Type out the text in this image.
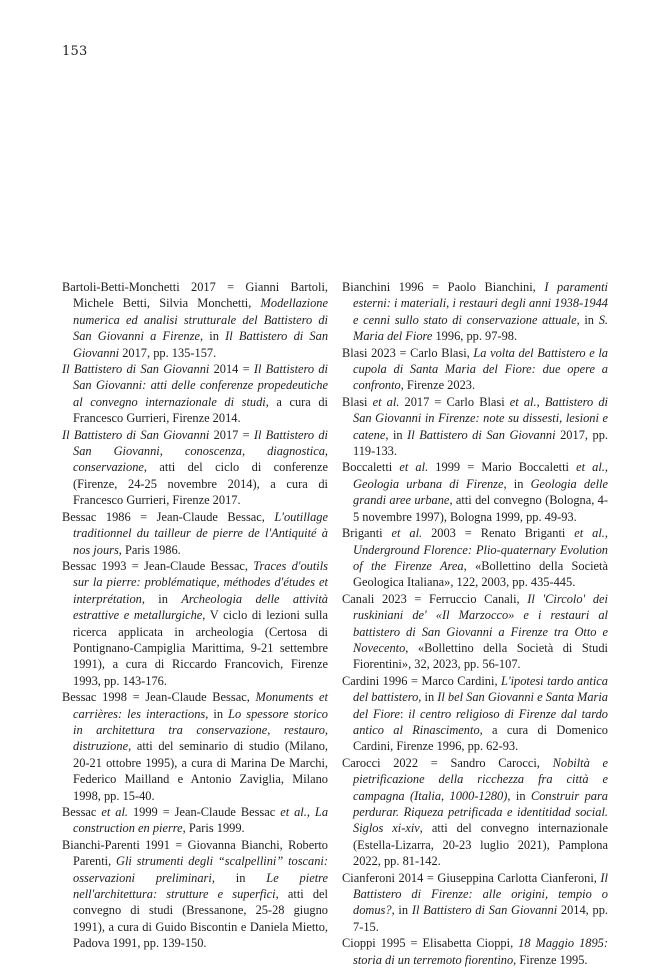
153

Bartoli-Betti-Monchetti 2017 = Gianni Bartoli, Michele Betti, Silvia Monchetti, Modellazione numerica ed analisi strutturale del Battistero di San Giovanni a Firenze, in Il Battistero di San Giovanni 2017, pp. 135-157.

Il Battistero di San Giovanni 2014 = Il Battistero di San Giovanni: atti delle conferenze propedeutiche al convegno internazionale di studi, a cura di Francesco Gurrieri, Firenze 2014.

Il Battistero di San Giovanni 2017 = Il Battistero di San Giovanni, conoscenza, diagnostica, conservazione, atti del ciclo di conferenze (Firenze, 24-25 novembre 2014), a cura di Francesco Gurrieri, Firenze 2017.

Bessac 1986 = Jean-Claude Bessac, L'outillage traditionnel du tailleur de pierre de l'Antiquité à nos jours, Paris 1986.

Bessac 1993 = Jean-Claude Bessac, Traces d'outils sur la pierre: problématique, méthodes d'études et interprétation, in Archeologia delle attività estrattive e metallurgiche, V ciclo di lezioni sulla ricerca applicata in archeologia (Certosa di Pontignano-Campiglia Marittima, 9-21 settembre 1991), a cura di Riccardo Francovich, Firenze 1993, pp. 143-176.

Bessac 1998 = Jean-Claude Bessac, Monuments et carrières: les interactions, in Lo spessore storico in architettura tra conservazione, restauro, distruzione, atti del seminario di studio (Milano, 20-21 ottobre 1995), a cura di Marina De Marchi, Federico Mailland e Antonio Zaviglia, Milano 1998, pp. 15-40.

Bessac et al. 1999 = Jean-Claude Bessac et al., La construction en pierre, Paris 1999.

Bianchi-Parenti 1991 = Giovanna Bianchi, Roberto Parenti, Gli strumenti degli “scalpellini” toscani: osservazioni preliminari, in Le pietre nell'architettura: strutture e superfici, atti del convegno di studi (Bressanone, 25-28 giugno 1991), a cura di Guido Biscontin e Daniela Mietto, Padova 1991, pp. 139-150.

Bianchini 1996 = Paolo Bianchini, I paramenti esterni: i materiali, i restauri degli anni 1938-1944 e cenni sullo stato di conservazione attuale, in S. Maria del Fiore 1996, pp. 97-98.

Blasi 2023 = Carlo Blasi, La volta del Battistero e la cupola di Santa Maria del Fiore: due opere a confronto, Firenze 2023.

Blasi et al. 2017 = Carlo Blasi et al., Battistero di San Giovanni in Firenze: note su dissesti, lesioni e catene, in Il Battistero di San Giovanni 2017, pp. 119-133.

Boccaletti et al. 1999 = Mario Boccaletti et al., Geologia urbana di Firenze, in Geologia delle grandi aree urbane, atti del convegno (Bologna, 4-5 novembre 1997), Bologna 1999, pp. 49-93.

Briganti et al. 2003 = Renato Briganti et al., Underground Florence: Plio-quaternary Evolution of the Firenze Area, «Bollettino della Società Geologica Italiana», 122, 2003, pp. 435-445.

Canali 2023 = Ferruccio Canali, Il 'Circolo' dei ruskiniani de' «Il Marzocco» e i restauri al battistero di San Giovanni a Firenze tra Otto e Novecento, «Bollettino della Società di Studi Fiorentini», 32, 2023, pp. 56-107.

Cardini 1996 = Marco Cardini, L'ipotesi tardo antica del battistero, in Il bel San Giovanni e Santa Maria del Fiore: il centro religioso di Firenze dal tardo antico al Rinascimento, a cura di Domenico Cardini, Firenze 1996, pp. 62-93.

Carocci 2022 = Sandro Carocci, Nobiltà e pietrificazione della ricchezza fra città e campagna (Italia, 1000-1280), in Construir para perdurar. Riqueza petrificada e identitidad social. Siglos xi-xiv, atti del convegno internazionale (Estella-Lizarra, 20-23 luglio 2021), Pamplona 2022, pp. 81-142.

Cianferoni 2014 = Giuseppina Carlotta Cianferoni, Il Battistero di Firenze: alle origini, tempio o domus?, in Il Battistero di San Giovanni 2014, pp. 7-15.

Cioppi 1995 = Elisabetta Cioppi, 18 Maggio 1895: storia di un terremoto fiorentino, Firenze 1995.
